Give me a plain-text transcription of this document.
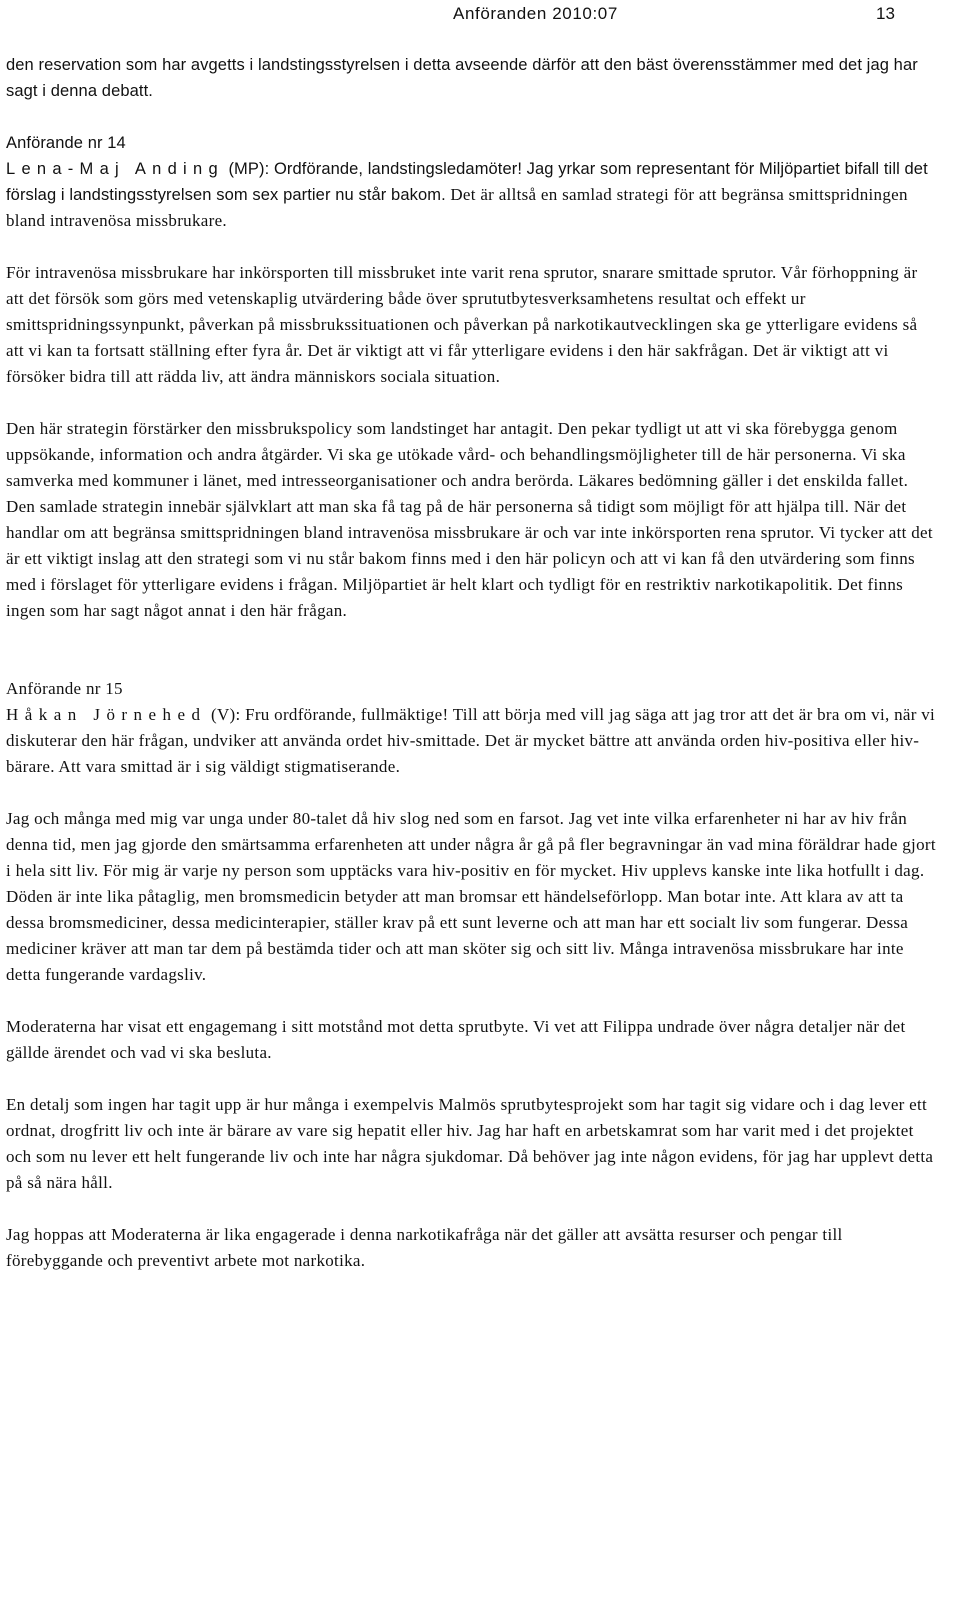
Anföranden 2010:07	13

den reservation som har avgetts i landstingsstyrelsen i detta avseende därför att den bäst överensstämmer med det jag har sagt i denna debatt.

Anförande nr 14
Lena-Maj Anding (MP): Ordförande, landstingsledamöter! Jag yrkar som representant för Miljöpartiet bifall till det förslag i landstingsstyrelsen som sex partier nu står bakom. Det är alltså en samlad strategi för att begränsa smittspridningen bland intravenösa missbrukare.

För intravenösa missbrukare har inkörsporten till missbruket inte varit rena sprutor, snarare smittade sprutor. Vår förhoppning är att det försök som görs med vetenskaplig utvärdering både över sprututbytesverksamhetens resultat och effekt ur smittspridningssynpunkt, påverkan på missbrukssituationen och påverkan på narkotikautvecklingen ska ge ytterligare evidens så att vi kan ta fortsatt ställning efter fyra år. Det är viktigt att vi får ytterligare evidens i den här sakfrågan. Det är viktigt att vi försöker bidra till att rädda liv, att ändra människors sociala situation.

Den här strategin förstärker den missbrukspolicy som landstinget har antagit. Den pekar tydligt ut att vi ska förebygga genom uppsökande, information och andra åtgärder. Vi ska ge utökade vård- och behandlingsmöjligheter till de här personerna. Vi ska samverka med kommuner i länet, med intresseorganisationer och andra berörda. Läkares bedömning gäller i det enskilda fallet. Den samlade strategin innebär självklart att man ska få tag på de här personerna så tidigt som möjligt för att hjälpa till. När det handlar om att begränsa smittspridningen bland intravenösa missbrukare är och var inte inkörsporten rena sprutor. Vi tycker att det är ett viktigt inslag att den strategi som vi nu står bakom finns med i den här policyn och att vi kan få den utvärdering som finns med i förslaget för ytterligare evidens i frågan. Miljöpartiet är helt klart och tydligt för en restriktiv narkotikapolitik. Det finns ingen som har sagt något annat i den här frågan.

Anförande nr 15
Håkan Jörnehed (V): Fru ordförande, fullmäktige! Till att börja med vill jag säga att jag tror att det är bra om vi, när vi diskuterar den här frågan, undviker att använda ordet hiv-smittade. Det är mycket bättre att använda orden hiv-positiva eller hiv-bärare. Att vara smittad är i sig väldigt stigmatiserande.

Jag och många med mig var unga under 80-talet då hiv slog ned som en farsot. Jag vet inte vilka erfarenheter ni har av hiv från denna tid, men jag gjorde den smärtsamma erfarenheten att under några år gå på fler begravningar än vad mina föräldrar hade gjort i hela sitt liv. För mig är varje ny person som upptäcks vara hiv-positiv en för mycket. Hiv upplevs kanske inte lika hotfullt i dag. Döden är inte lika påtaglig, men bromsmedicin betyder att man bromsar ett händelseförlopp. Man botar inte. Att klara av att ta dessa bromsmediciner, dessa medicinterapier, ställer krav på ett sunt leverne och att man har ett socialt liv som fungerar. Dessa mediciner kräver att man tar dem på bestämda tider och att man sköter sig och sitt liv. Många intravenösa missbrukare har inte detta fungerande vardagsliv.

Moderaterna har visat ett engagemang i sitt motstånd mot detta sprutbyte. Vi vet att Filippa undrade över några detaljer när det gällde ärendet och vad vi ska besluta.

En detalj som ingen har tagit upp är hur många i exempelvis Malmös sprutbytesprojekt som har tagit sig vidare och i dag lever ett ordnat, drogfritt liv och inte är bärare av vare sig hepatit eller hiv. Jag har haft en arbetskamrat som har varit med i det projektet och som nu lever ett helt fungerande liv och inte har några sjukdomar. Då behöver jag inte någon evidens, för jag har upplevt detta på så nära håll.

Jag hoppas att Moderaterna är lika engagerade i denna narkotikafråga när det gäller att avsätta resurser och pengar till förebyggande och preventivt arbete mot narkotika.
